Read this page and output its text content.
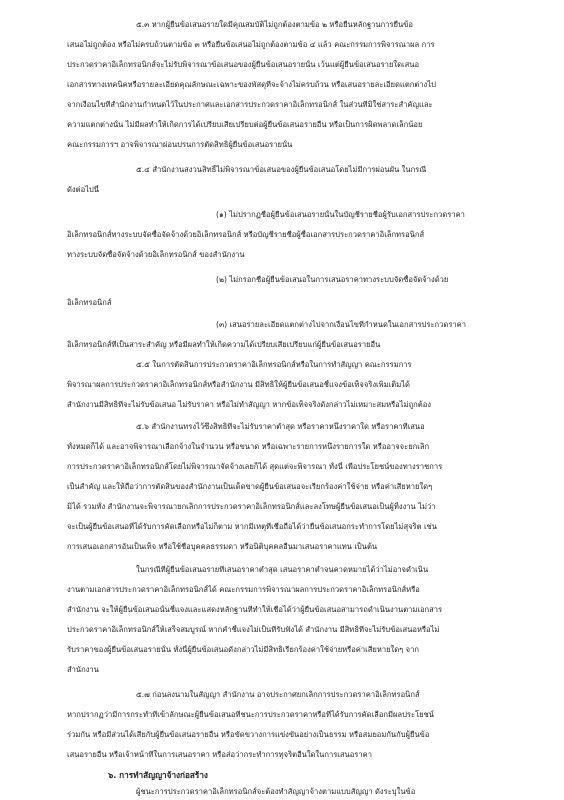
๕.๓ หากผู้ยื่นข้อเสนอรายใดมีคุณสมบัติไม่ถูกต้องตามข้อ ๒ หรือยื่นหลักฐานการยื่นข้อ
เสนอไม่ถูกต้อง หรือไม่ครบถ้วนตามข้อ ๓ หรือยื่นข้อเสนอไม่ถูกต้องตามข้อ ๔ แล้ว คณะกรรมการพิจารณาผล การ
ประกวดราคาอิเล็กทรอนิกส์จะไม่รับพิจารณาข้อเสนอของผู้ยื่นข้อเสนอรายนั้น เว้นแต่ผู้ยื่นข้อเสนอรายใดเสนอ
เอกสารทางเทคนิคหรือรายละเอียดคุณลักษณะเฉพาะของพัสดุที่จะจ้างไม่ครบถ้วน หรือเสนอรายละเอียดแตกต่างไป
จากเงื่อนไขที่สำนักงานกำหนดไว้ในประกาศและเอกสารประกวดราคาอิเล็กทรอนิกส์ ในส่วนที่มิใช่สาระสำคัญและ
ความแตกต่างนั้น ไม่มีผลทำให้เกิดการได้เปรียบเสียเปรียบต่อผู้ยื่นข้อเสนอรายอื่น หรือเป็นการผิดพลาดเล็กน้อย
คณะกรรมการฯ อาจพิจารณาผ่อนปรนการตัดสิทธิผู้ยื่นข้อเสนอรายนั้น
๕.๔ สำนักงานสงวนสิทธิ์ไม่พิจารณาข้อเสนอของผู้ยื่นข้อเสนอโดยไม่มีการผ่อนผัน ในกรณี
ดังต่อไปนี้
(๑) ไม่ปรากฏชื่อผู้ยื่นข้อเสนอรายนั้นในบัญชีรายชื่อผู้รับเอกสารประกวดราคา
อิเล็กทรอนิกส์ทางระบบจัดซื้อจัดจ้างด้วยอิเล็กทรอนิกส์ หรือบัญชีรายชื่อผู้ซื้อเอกสารประกวดราคาอิเล็กทรอนิกส์
ทางระบบจัดซื้อจัดจ้างด้วยอิเล็กทรอนิกส์ ของสำนักงาน
(๒) ไม่กรอกชื่อผู้ยื่นข้อเสนอในการเสนอราคาทางระบบจัดซื้อจัดจ้างด้วย
อิเล็กทรอนิกส์
(๓) เสนอรายละเอียดแตกต่างไปจากเงื่อนไขที่กำหนดในเอกสารประกวดราคา
อิเล็กทรอนิกส์ที่เป็นสาระสำคัญ หรือมีผลทำให้เกิดความได้เปรียบเสียเปรียบแก่ผู้ยื่นข้อเสนอรายอื่น
๕.๕ ในการตัดสินการประกวดราคาอิเล็กทรอนิกส์หรือในการทำสัญญา คณะกรรมการ
พิจารณาผลการประกวดราคาอิเล็กทรอนิกส์หรือสำนักงาน มีสิทธิให้ผู้ยื่นข้อเสนอชี้แจงข้อเท็จจริงเพิ่มเติมได้
สำนักงานมีสิทธิที่จะไม่รับข้อเสนอ ไม่รับราคา หรือไม่ทำสัญญา หากข้อเท็จจริงดังกล่าวไม่เหมาะสมหรือไม่ถูกต้อง
๕.๖ สำนักงานทรงไว้ซึ่งสิทธิที่จะไม่รับราคาต่ำสุด หรือราคาหนึ่งราคาใด หรือราคาที่เสนอ
ทั้งหมดก็ได้ และอาจพิจารณาเลือกจ้างในจำนวน หรือขนาด หรือเฉพาะรายการหนึ่งรายการใด หรืออาจจะยกเลิก
การประกวดราคาอิเล็กทรอนิกส์โดยไม่พิจารณาจัดจ้างเลยก็ได้ สุดแต่จะพิจารณา ทั้งนี้ เพื่อประโยชน์ของทางราชการ
เป็นสำคัญ และให้ถือว่าการตัดสินของสำนักงานเป็นเด็ดขาดผู้ยื่นข้อเสนอจะเรียกร้องค่าใช้จ่าย หรือค่าเสียหายใดๆ
มิได้ รวมทั้ง สำนักงานจะพิจารณายกเลิกการประกวดราคาอิเล็กทรอนิกส์และลงโทษผู้ยื่นข้อเสนอเป็นผู้ทิ้งงาน ไม่ว่า
จะเป็นผู้ยื่นข้อเสนอที่ได้รับการคัดเลือกหรือไม่ก็ตาม หากมีเหตุที่เชื่อถือได้ว่ายื่นข้อเสนอกระทำการโดยไม่สุจริต เช่น
การเสนอเอกสารอันเป็นเท็จ หรือใช้ชื่อบุคคลธรรมดา หรือนิติบุคคลอื่นมาเสนอราคาแทน เป็นต้น
ในกรณีที่ผู้ยื่นข้อเสนอรายที่เสนอราคาต่ำสุด เสนอราคาต่ำจนคาดหมายได้ว่าไม่อาจดำเนิน
งานตามเอกสารประกวดราคาอิเล็กทรอนิกส์ได้ คณะกรรมการพิจารณาผลการประกวดราคาอิเล็กทรอนิกส์หรือ
สำนักงาน จะให้ผู้ยื่นข้อเสนอนั้นชี้แจงและแสดงหลักฐานที่ทำให้เชื่อได้ว่าผู้ยื่นข้อเสนอสามารถดำเนินงานตามเอกสาร
ประกวดราคาอิเล็กทรอนิกส์ให้เสร็จสมบูรณ์ หากคำชี้แจงไม่เป็นที่รับฟังได้ สำนักงาน มีสิทธิที่จะไม่รับข้อเสนอหรือไม่
รับราคาของผู้ยื่นข้อเสนอรายนั้น ทั้งนี้ผู้ยื่นข้อเสนอดังกล่าวไม่มีสิทธิเรียกร้องค่าใช้จ่ายหรือค่าเสียหายใดๆ จาก
สำนักงาน
๕.๗ ก่อนลงนามในสัญญา สำนักงาน อาจประกาศยกเลิกการประกวดราคาอิเล็กทรอนิกส์
หากปรากฏว่ามีการกระทำที่เข้าลักษณะผู้ยื่นข้อเสนอที่ชนะการประกวดราคาหรือที่ได้รับการคัดเลือกมีผลประโยชน์
ร่วมกัน หรือมีส่วนได้เสียกับผู้ยื่นข้อเสนอรายอื่น หรือขัดขวางการแข่งขันอย่างเป็นธรรม หรือสมยอมกันกับผู้ยื่นข้อ
เสนอรายอื่น หรือเจ้าหน้าที่ในการเสนอราคา หรือส่อว่ากระทำการทุจริตอื่นใดในการเสนอราคา
๖. การทำสัญญาจ้างก่อสร้าง
ผู้ชนะการประกวดราคาอิเล็กทรอนิกส์จะต้องทำสัญญาจ้างตามแบบสัญญา ดังระบุในข้อ
